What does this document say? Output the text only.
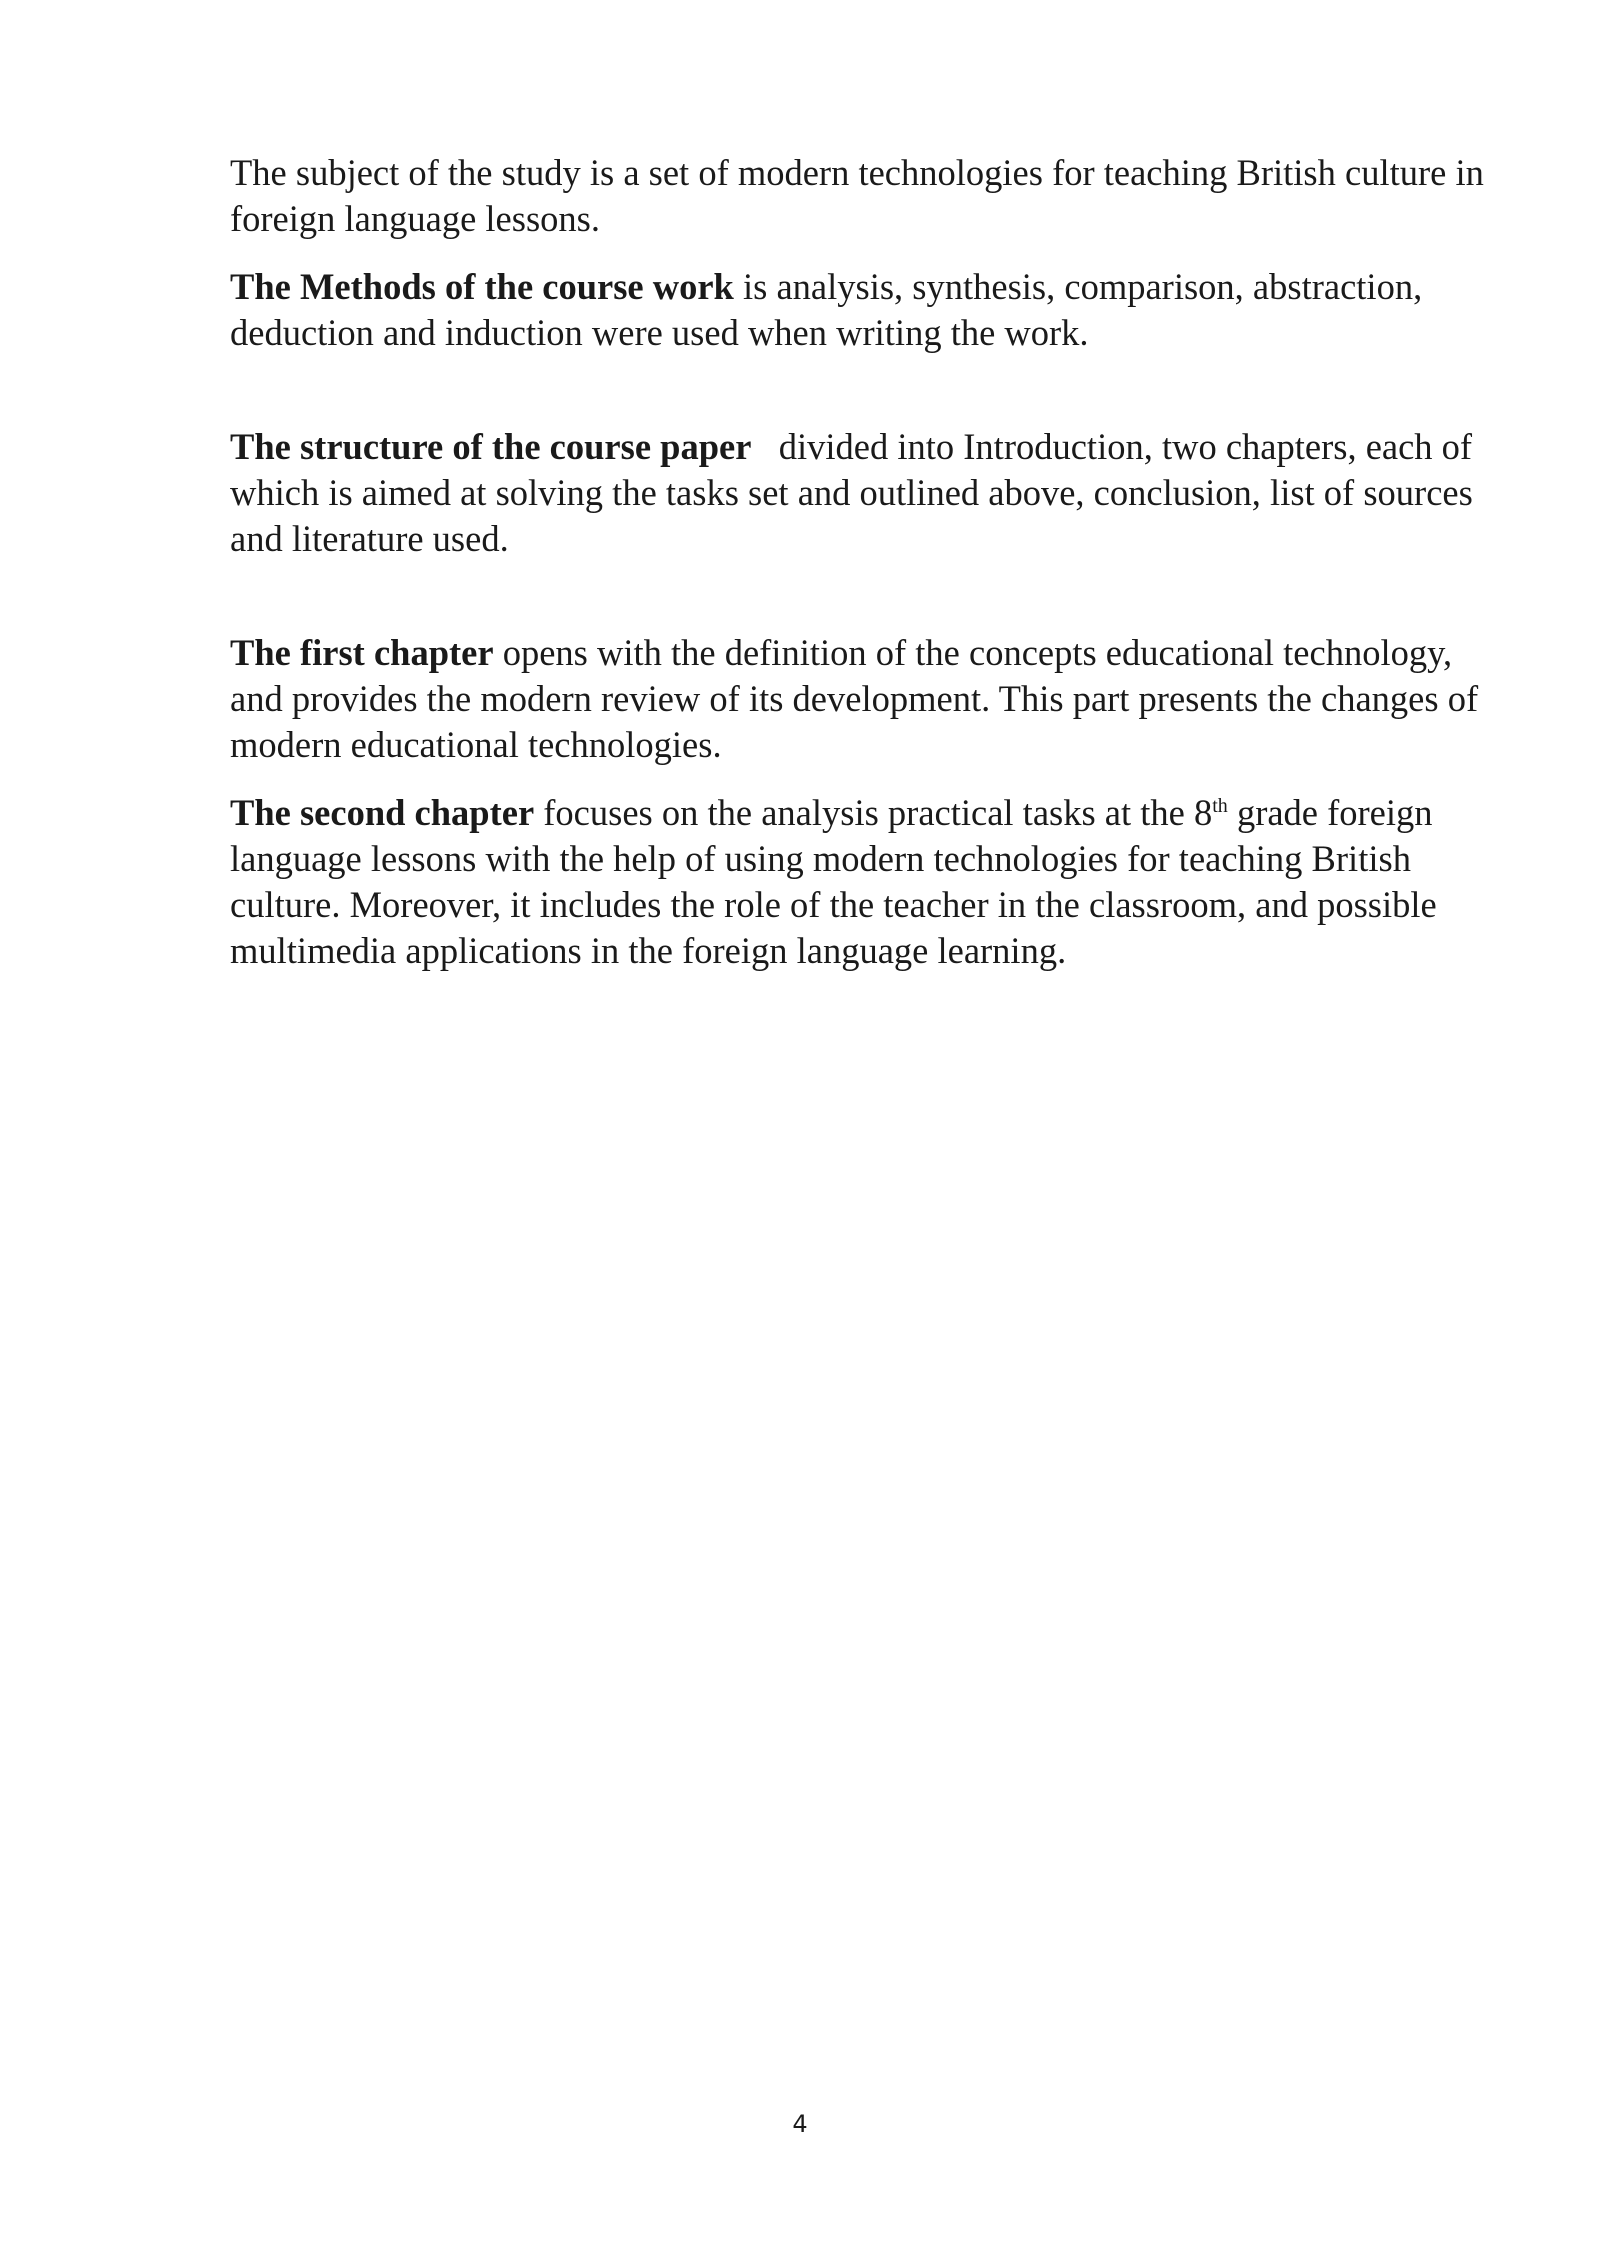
The subject of the study is a set of modern technologies for teaching British culture in foreign language lessons.

The Methods of the course work is analysis, synthesis, comparison, abstraction, deduction and induction were used when writing the work.

The structure of the course paper   divided into Introduction, two chapters, each of which is aimed at solving the tasks set and outlined above, conclusion, list of sources and literature used.

The first chapter opens with the definition of the concepts educational technology, and provides the modern review of its development. This part presents the changes of modern educational technologies.

The second chapter focuses on the analysis practical tasks at the 8th grade foreign language lessons with the help of using modern technologies for teaching British culture. Moreover, it includes the role of the teacher in the classroom, and possible multimedia applications in the foreign language learning.

4
